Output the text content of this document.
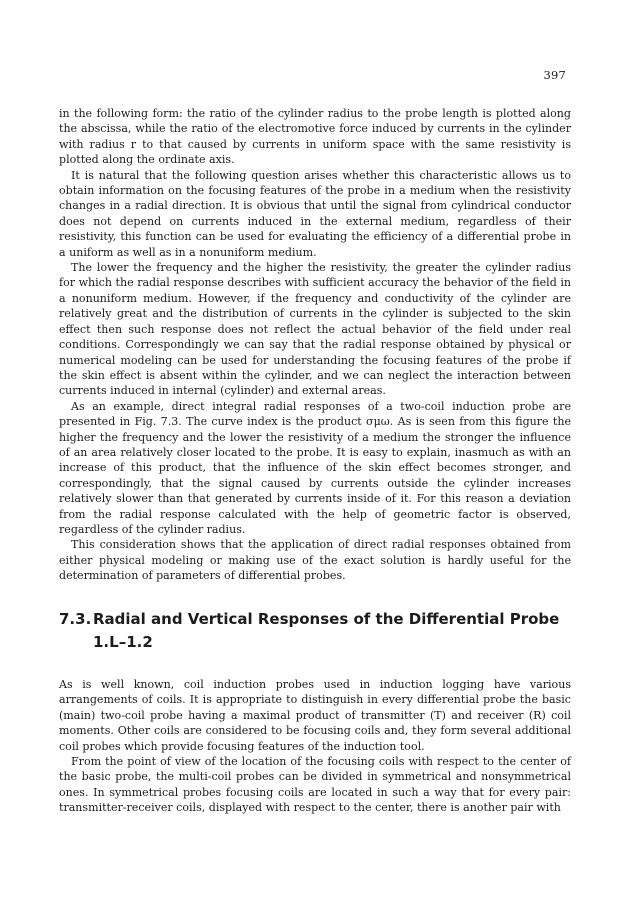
397

in the following form: the ratio of the cylinder radius to the probe length is plotted along the abscissa, while the ratio of the electromotive force induced by currents in the cylinder with radius r to that caused by currents in uniform space with the same resistivity is plotted along the ordinate axis.

It is natural that the following question arises whether this characteristic allows us to obtain information on the focusing features of the probe in a medium when the resistivity changes in a radial direction. It is obvious that until the signal from cylindrical conductor does not depend on currents induced in the external medium, regardless of their resistivity, this function can be used for evaluating the efficiency of a differential probe in a uniform as well as in a nonuniform medium.

The lower the frequency and the higher the resistivity, the greater the cylinder radius for which the radial response describes with sufficient accuracy the behavior of the field in a nonuniform medium. However, if the frequency and conductivity of the cylinder are relatively great and the distribution of currents in the cylinder is subjected to the skin effect then such response does not reflect the actual behavior of the field under real conditions. Correspondingly we can say that the radial response obtained by physical or numerical modeling can be used for understanding the focusing features of the probe if the skin effect is absent within the cylinder, and we can neglect the interaction between currents induced in internal (cylinder) and external areas.

As an example, direct integral radial responses of a two-coil induction probe are presented in Fig. 7.3. The curve index is the product σμω. As is seen from this figure the higher the frequency and the lower the resistivity of a medium the stronger the influence of an area relatively closer located to the probe. It is easy to explain, inasmuch as with an increase of this product, that the influence of the skin effect becomes stronger, and correspondingly, that the signal caused by currents outside the cylinder increases relatively slower than that generated by currents inside of it. For this reason a deviation from the radial response calculated with the help of geometric factor is observed, regardless of the cylinder radius.

This consideration shows that the application of direct radial responses obtained from either physical modeling or making use of the exact solution is hardly useful for the determination of parameters of differential probes.

7.3. Radial and Vertical Responses of the Differential Probe
1.L–1.2

As is well known, coil induction probes used in induction logging have various arrangements of coils. It is appropriate to distinguish in every differential probe the basic (main) two-coil probe having a maximal product of transmitter (T) and receiver (R) coil moments. Other coils are considered to be focusing coils and, they form several additional coil probes which provide focusing features of the induction tool.

From the point of view of the location of the focusing coils with respect to the center of the basic probe, the multi-coil probes can be divided in symmetrical and nonsymmetrical ones. In symmetrical probes focusing coils are located in such a way that for every pair: transmitter-receiver coils, displayed with respect to the center, there is another pair with
